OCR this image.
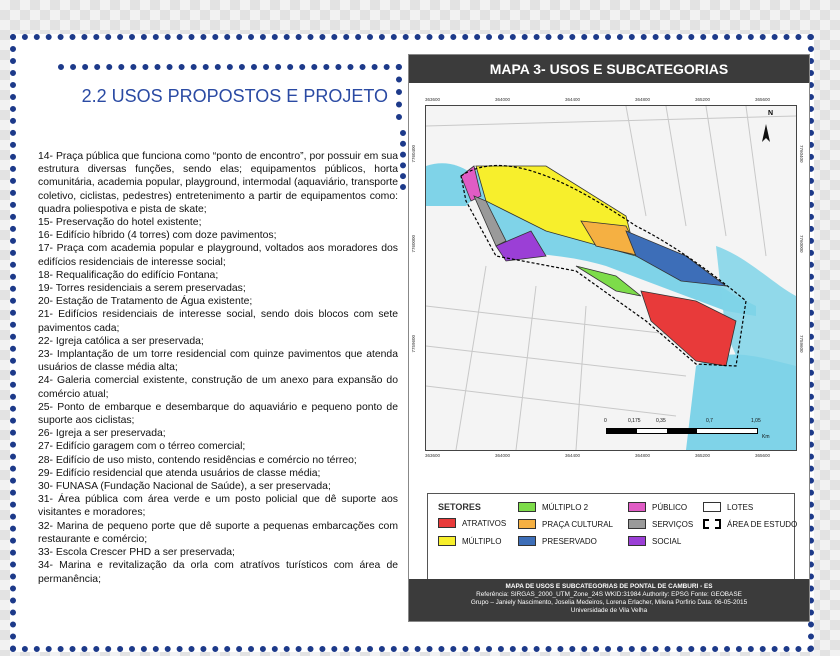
2.2 USOS PROPOSTOS E PROJETO

14- Praça pública que funciona como “ponto de encontro”, por possuir em sua estrutura diversas funções, sendo elas; equipamentos públicos, horta comunitária, academia popular, playground, intermodal (aquaviário, transporte coletivo, ciclistas, pedestres) entretenimento a partir de equipamentos como: quadra poliespotiva e pista de skate;

15- Preservação do hotel existente;

16- Edifício híbrido (4 torres) com doze pavimentos;

17- Praça com academia popular e playground, voltados aos moradores dos edifícios residenciais de interesse social;

18- Requalificação do edifício Fontana;

19- Torres residenciais a serem preservadas;

20- Estação de Tratamento de Água existente;

21- Edifícios residenciais de interesse social, sendo dois blocos com sete pavimentos cada;

22- Igreja católica a ser preservada;

23- Implantação de um torre residencial com quinze pavimentos que atenda usuários de classe média alta;

24- Galeria comercial existente, construção de um anexo para expansão do comércio atual;

25- Ponto de embarque e desembarque do aquaviário e pequeno ponto de suporte aos ciclistas;

26- Igreja a ser preservada;

27- Edifício garagem com o térreo comercial;

28- Edifício de uso misto, contendo residências e comércio no térreo;

29- Edifício residencial que atenda usuários de classe média;

30- FUNASA (Fundação Nacional de Saúde), a ser preservada;

31- Área pública com área verde e um posto policial que dê suporte aos visitantes e moradores;

32- Marina de pequeno porte que dê suporte a pequenas embarcações com restaurante e comércio;

33- Escola Crescer PHD a ser preservada;

34- Marina e revitalização da orla com atratívos turísticos com área de permanência;

MAPA 3- USOS E SUBCATEGORIAS
363600	364000	364400	364800	365200	365600
N
0	0,175	0,35	0,7	1,05
Km
363600	364000	364400	364800	365200	365600
7760400
7760000
7759600
7760400
7760000
7759600
SETORES
ATRATIVOS
MÚLTIPLO
MÚLTIPLO 2
PRAÇA CULTURAL
PRESERVADO
PÚBLICO
SERVIÇOS
SOCIAL
LOTES
ÁREA DE ESTUDO
MAPA DE USOS E SUBCATEGORIAS DE PONTAL DE CAMBURI - ES
Referência: SIRGAS_2000_UTM_Zone_24S WKID:31984 Authority: EPSG Fonte: GEOBASE
Grupo – Janiely Nascimento, Joselia Medeiros, Lorena Erlacher, Milena Porfirio Data: 06-05-2015
Universidade de Vila Velha
